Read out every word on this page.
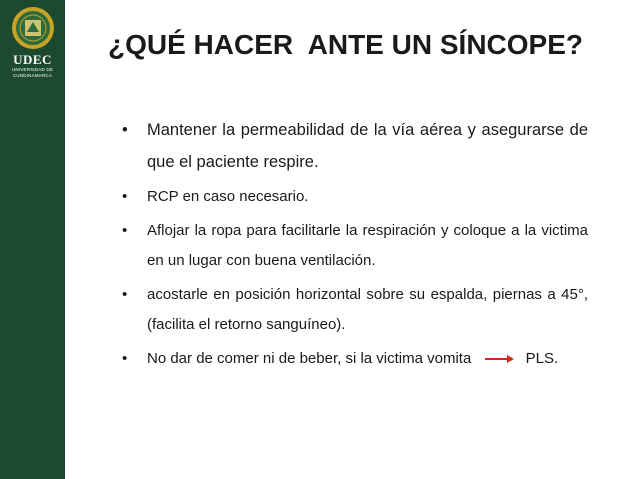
UDEC
UNIVERSIDAD DE
CUNDINAMARCA
¿QUÉ HACER  ANTE UN SÍNCOPE?
• Mantener la permeabilidad de la vía aérea y asegurarse de que el paciente respire.
• RCP en caso necesario.
• Aflojar la ropa para facilitarle la respiración y coloque a la victima en un lugar con buena ventilación.
• acostarle en posición horizontal sobre su espalda, piernas a 45°, (facilita el retorno sanguíneo).
• No dar de comer ni de beber, si la victima vomita	PLS.
